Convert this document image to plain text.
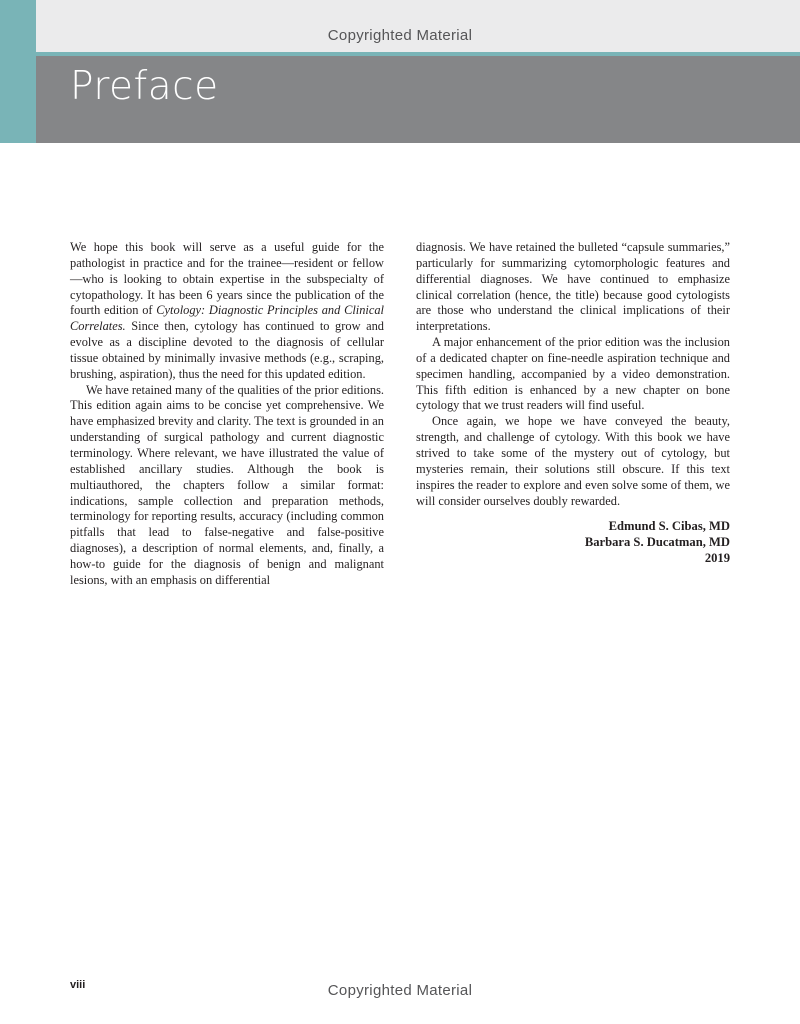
Copyrighted Material
Preface

We hope this book will serve as a useful guide for the pathologist in practice and for the trainee—resident or fellow—who is looking to obtain expertise in the subspecialty of cytopathology. It has been 6 years since the publication of the fourth edition of Cytology: Diagnostic Principles and Clinical Correlates. Since then, cytology has continued to grow and evolve as a discipline devoted to the diagnosis of cellular tissue obtained by minimally invasive methods (e.g., scraping, brushing, aspiration), thus the need for this updated edition.

We have retained many of the qualities of the prior editions. This edition again aims to be concise yet comprehensive. We have emphasized brevity and clarity. The text is grounded in an understanding of surgical pathology and current diagnostic terminology. Where relevant, we have illustrated the value of established ancillary studies. Although the book is multiauthored, the chapters follow a similar format: indications, sample collection and preparation methods, terminology for reporting results, accuracy (including common pitfalls that lead to false-negative and false-positive diagnoses), a description of normal elements, and, finally, a how-to guide for the diagnosis of benign and malignant lesions, with an emphasis on differential

diagnosis. We have retained the bulleted “capsule summaries,” particularly for summarizing cytomorphologic features and differential diagnoses. We have continued to emphasize clinical correlation (hence, the title) because good cytologists are those who understand the clinical implications of their interpretations.

A major enhancement of the prior edition was the inclusion of a dedicated chapter on fine-needle aspiration technique and specimen handling, accompanied by a video demonstration. This fifth edition is enhanced by a new chapter on bone cytology that we trust readers will find useful.

Once again, we hope we have conveyed the beauty, strength, and challenge of cytology. With this book we have strived to take some of the mystery out of cytology, but mysteries remain, their solutions still obscure. If this text inspires the reader to explore and even solve some of them, we will consider ourselves doubly rewarded.

Edmund S. Cibas, MD
Barbara S. Ducatman, MD
2019
viii	Copyrighted Material
